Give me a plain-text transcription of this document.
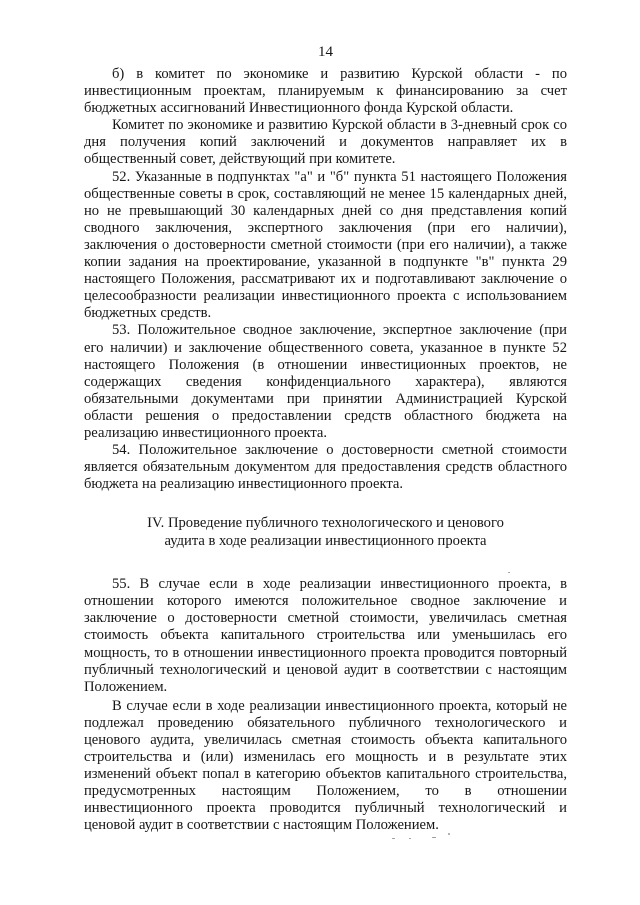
14

б) в комитет по экономике и развитию Курской области - по инвестиционным проектам, планируемым к финансированию за счет бюджетных ассигнований Инвестиционного фонда Курской области.

Комитет по экономике и развитию Курской области в 3-дневный срок со дня получения копий заключений и документов направляет их в общественный совет, действующий при комитете.

52. Указанные в подпунктах "а" и "б" пункта 51 настоящего Положения общественные советы в срок, составляющий не менее 15 календарных дней, но не превышающий 30 календарных дней со дня представления копий сводного заключения, экспертного заключения (при его наличии), заключения о достоверности сметной стоимости (при его наличии), а также копии задания на проектирование, указанной в подпункте "в" пункта 29 настоящего Положения, рассматривают их и подготавливают заключение о целесообразности реализации инвестиционного проекта с использованием бюджетных средств.

53. Положительное сводное заключение, экспертное заключение (при его наличии) и заключение общественного совета, указанное в пункте 52 настоящего Положения (в отношении инвестиционных проектов, не содержащих сведения конфиденциального характера), являются обязательными документами при принятии Администрацией Курской области решения о предоставлении средств областного бюджета на реализацию инвестиционного проекта.

54. Положительное заключение о достоверности сметной стоимости является обязательным документом для предоставления средств областного бюджета на реализацию инвестиционного проекта.

IV. Проведение публичного технологического и ценового
аудита в ходе реализации инвестиционного проекта

55. В случае если в ходе реализации инвестиционного проекта, в отношении которого имеются положительное сводное заключение и заключение о достоверности сметной стоимости, увеличилась сметная стоимость объекта капитального строительства или уменьшилась его мощность, то в отношении инвестиционного проекта проводится повторный публичный технологический и ценовой аудит в соответствии с настоящим Положением.

В случае если в ходе реализации инвестиционного проекта, который не подлежал проведению обязательного публичного технологического и ценового аудита, увеличилась сметная стоимость объекта капитального строительства и (или) изменилась его мощность и в результате этих изменений объект попал в категорию объектов капитального строительства, предусмотренных настоящим Положением, то в отношении инвестиционного проекта проводится публичный технологический и ценовой аудит в соответствии с настоящим Положением.
